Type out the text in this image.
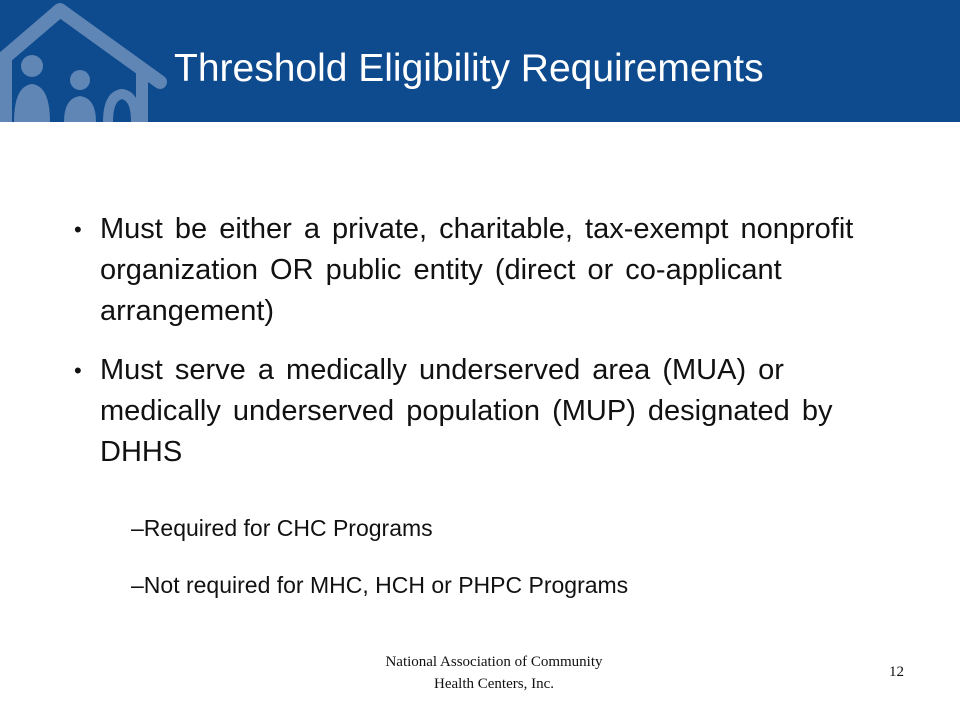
Threshold Eligibility Requirements
• Must be either a private, charitable, tax-exempt nonprofit organization OR public entity (direct or co-applicant arrangement)
• Must serve a medically underserved area (MUA) or medically underserved population (MUP) designated by DHHS
–Required for CHC Programs
–Not required for MHC, HCH or PHPC Programs
National Association of Community Health Centers, Inc.
12
